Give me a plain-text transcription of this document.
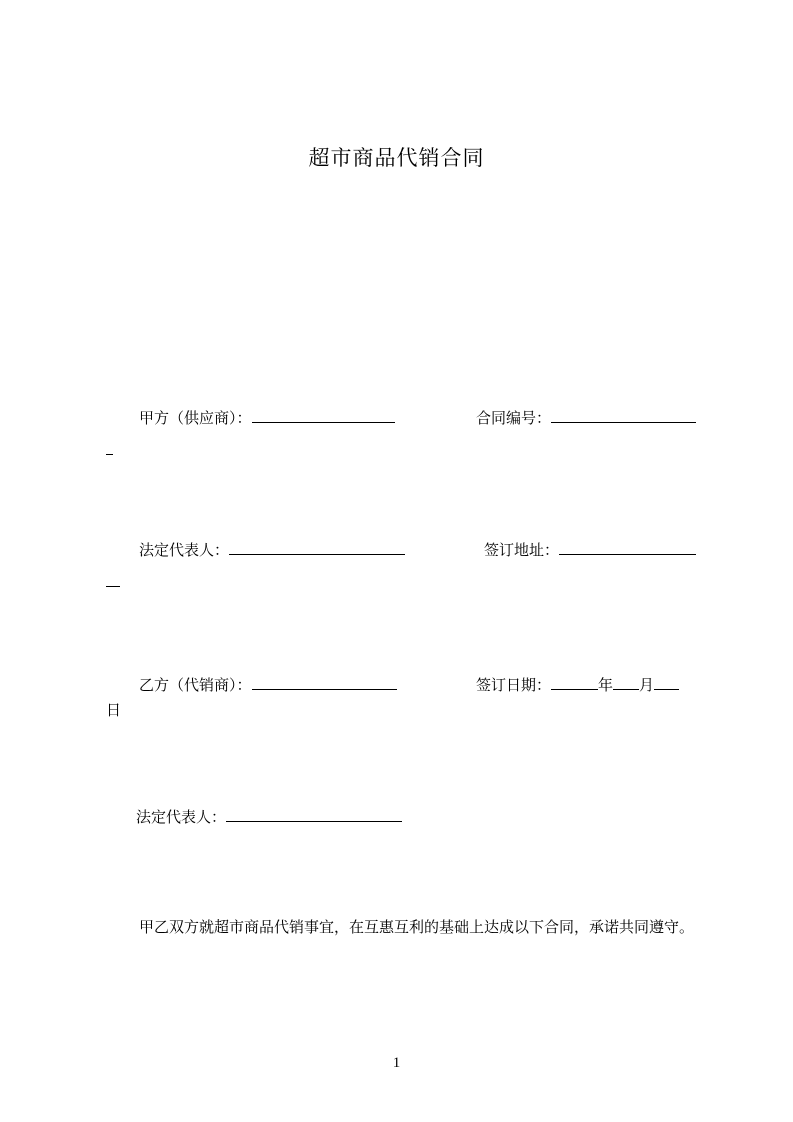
超市商品代销合同
甲方（供应商）：	合同编号：
法定代表人：	签订地址：
乙方（代销商）：	签订日期：	年 月
日
法定代表人：
甲乙双方就超市商品代销事宜，在互惠互利的基础上达成以下合同，承诺共同遵守。
1
